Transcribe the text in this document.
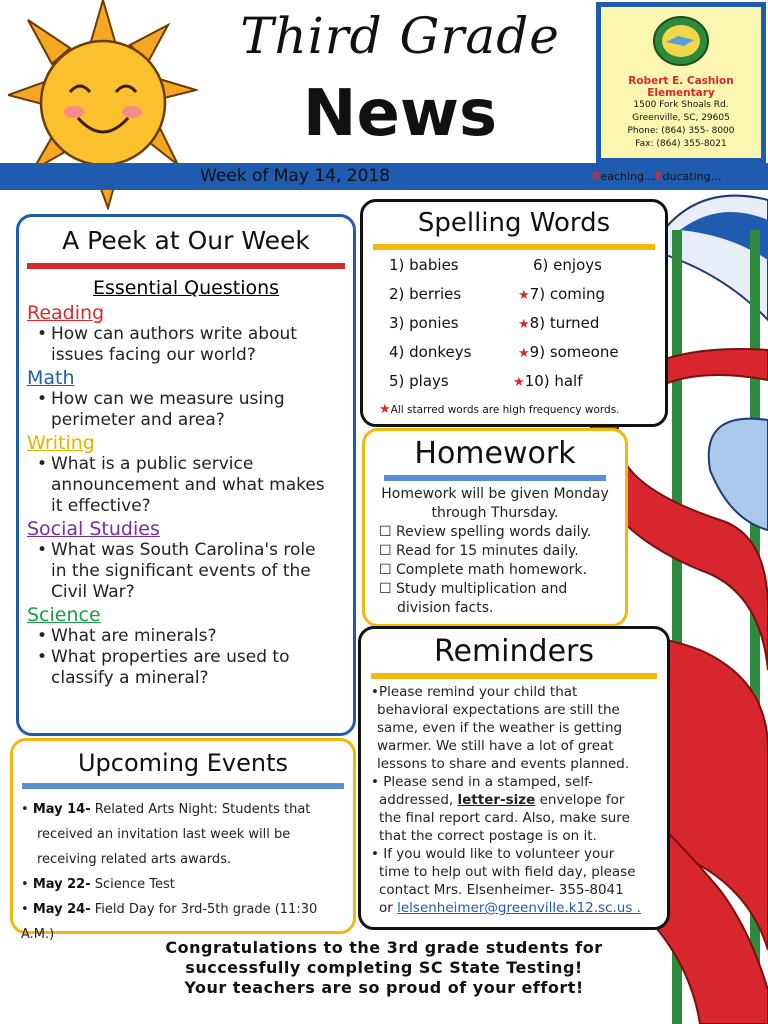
Third Grade
News	Robert E. Cashion Elementary
1500 Fork Shoals Rd.
Greenville, SC, 29605
Phone: (864) 355- 8000
Fax: (864) 355-8021
Week of May 14, 2018	Reaching…Educating…
A Peek at Our Week
Essential Questions
Reading
• How can authors write about
issues facing our world?
Math
• How can we measure using
perimeter and area?
Writing
• What is a public service
announcement and what makes
it effective?
Social Studies
• What was South Carolina's role
in the significant events of the
Civil War?
Science
• What are minerals?
• What properties are used to
classify a mineral?
Upcoming Events
• May 14- Related Arts Night: Students that
received an invitation last week will be
receiving related arts awards.
• May 22- Science Test
• May 24- Field Day for 3rd-5th grade (11:30 A.M.)
Spelling Words
1) babies
2) berries
3) ponies
4) donkeys
5) plays
6) enjoys
★7) coming
★8) turned
★9) someone
★10) half
★All starred words are high frequency words.
Homework
Homework will be given Monday
through Thursday.
☐ Review spelling words daily.
☐ Read for 15 minutes daily.
☐ Complete math homework.
☐ Study multiplication and
division facts.
Reminders
•Please remind your child that
behavioral expectations are still the
same, even if the weather is getting
warmer. We still have a lot of great
lessons to share and events planned.
• Please send in a stamped, self-
addressed, letter-size envelope for
the final report card. Also, make sure
that the correct postage is on it.
• If you would like to volunteer your
time to help out with field day, please
contact Mrs. Elsenheimer- 355-8041
or lelsenheimer@greenville.k12.sc.us .
Congratulations to the 3rd grade students for
successfully completing SC State Testing!
Your teachers are so proud of your effort!
